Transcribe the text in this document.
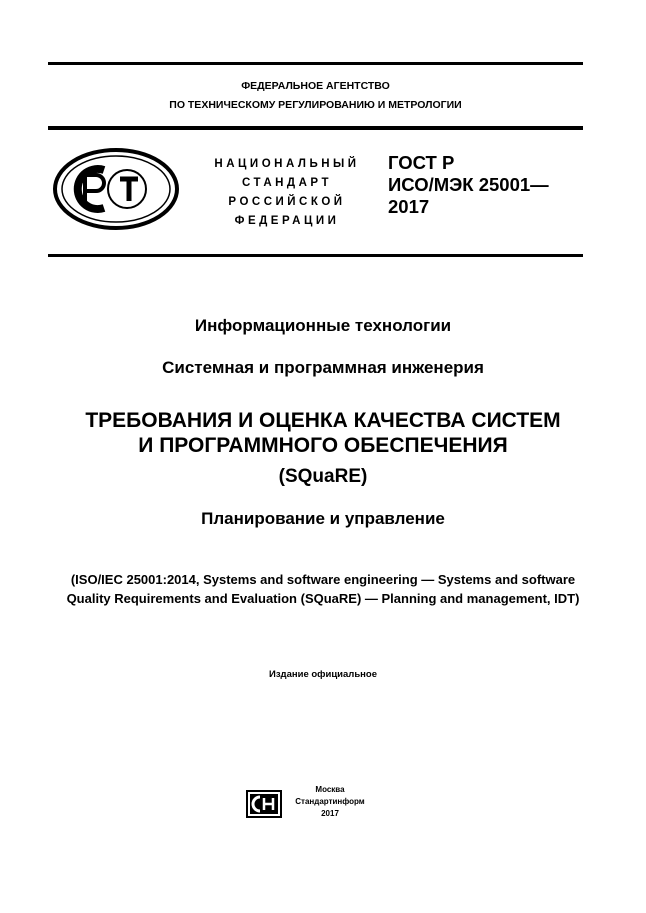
ФЕДЕРАЛЬНОЕ АГЕНТСТВО
ПО ТЕХНИЧЕСКОМУ РЕГУЛИРОВАНИЮ И МЕТРОЛОГИИ
НАЦИОНАЛЬНЫЙ
СТАНДАРТ
РОССИЙСКОЙ
ФЕДЕРАЦИИ
ГОСТ Р
ИСО/МЭК 25001—
2017
Информационные технологии
Системная и программная инженерия
ТРЕБОВАНИЯ И ОЦЕНКА КАЧЕСТВА СИСТЕМ
И ПРОГРАММНОГО ОБЕСПЕЧЕНИЯ
(SQuaRE)
Планирование и управление
(ISO/IEC 25001:2014, Systems and software engineering — Systems and software
Quality Requirements and Evaluation (SQuaRE) — Planning and management, IDT)
Издание официальное
Москва
Стандартинформ
2017
